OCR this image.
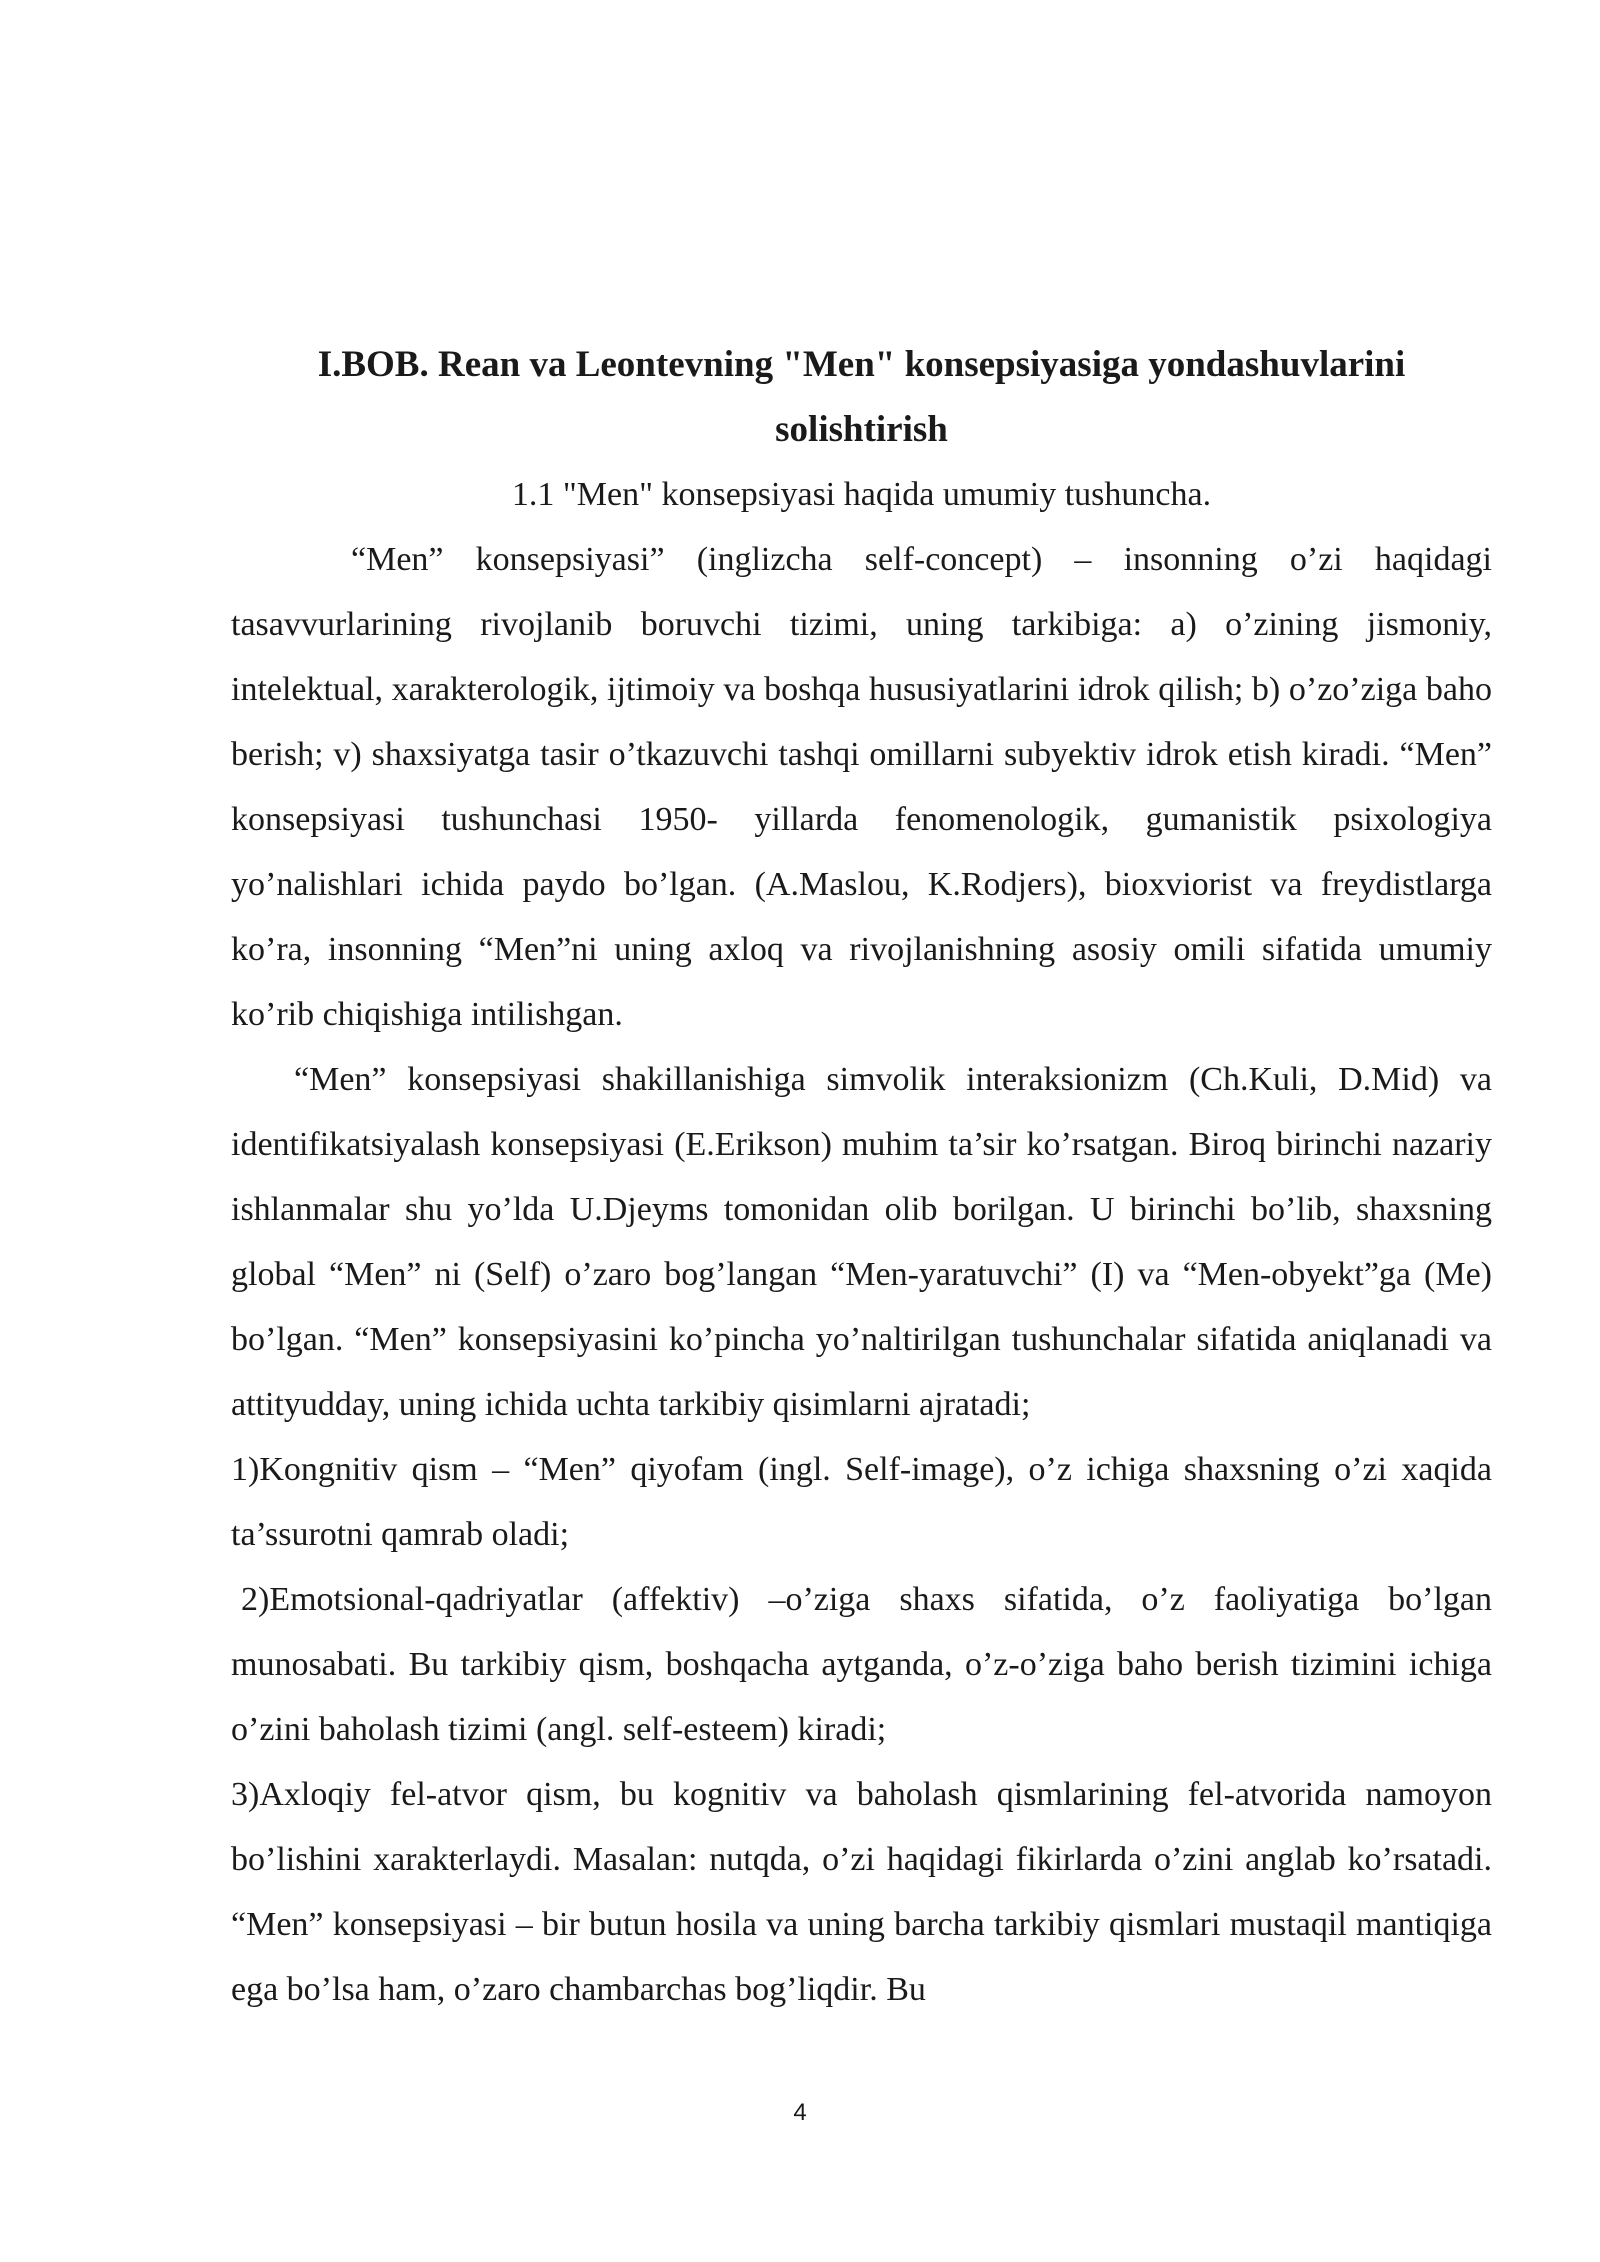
I.BOB. Rean va Leontevning "Men" konsepsiyasiga yondashuvlarini solishtirish

1.1 "Men" konsepsiyasi haqida umumiy tushuncha.

“Men” konsepsiyasi” (inglizcha self-concept) – insonning o’zi haqidagi tasavvurlarining rivojlanib boruvchi tizimi, uning tarkibiga: a) o’zining jismoniy, intelektual, xarakterologik, ijtimoiy va boshqa hususiyatlarini idrok qilish; b) o’zo’ziga baho berish; v) shaxsiyatga tasir o’tkazuvchi tashqi omillarni subyektiv idrok etish kiradi. “Men” konsepsiyasi tushunchasi 1950- yillarda fenomenologik, gumanistik psixologiya yo’nalishlari ichida paydo bo’lgan. (A.Maslou, K.Rodjers), bioxviorist va freydistlarga ko’ra, insonning “Men”ni uning axloq va rivojlanishning asosiy omili sifatida umumiy ko’rib chiqishiga intilishgan.

“Men” konsepsiyasi shakillanishiga simvolik interaksionizm (Ch.Kuli, D.Mid) va identifikatsiyalash konsepsiyasi (E.Erikson) muhim ta’sir ko’rsatgan. Biroq birinchi nazariy ishlanmalar shu yo’lda U.Djeyms tomonidan olib borilgan. U birinchi bo’lib, shaxsning global “Men” ni (Self) o’zaro bog’langan “Men-yaratuvchi” (I) va “Men-obyekt”ga (Me) bo’lgan. “Men” konsepsiyasini ko’pincha yo’naltirilgan tushunchalar sifatida aniqlanadi va attityudday, uning ichida uchta tarkibiy qisimlarni ajratadi;

1)Kongnitiv qism – “Men” qiyofam (ingl. Self-image), o’z ichiga shaxsning o’zi xaqida ta’ssurotni qamrab oladi;

2)Emotsional-qadriyatlar (affektiv) –o’ziga shaxs sifatida, o’z faoliyatiga bo’lgan munosabati. Bu tarkibiy qism, boshqacha aytganda, o’z-o’ziga baho berish tizimini ichiga o’zini baholash tizimi (angl. self-esteem) kiradi;

3)Axloqiy fel-atvor qism, bu kognitiv va baholash qismlarining fel-atvorida namoyon bo’lishini xarakterlaydi. Masalan: nutqda, o’zi haqidagi fikirlarda o’zini anglab ko’rsatadi. “Men” konsepsiyasi – bir butun hosila va uning barcha tarkibiy qismlari mustaqil mantiqiga ega bo’lsa ham, o’zaro chambarchas bog’liqdir. Bu

4
